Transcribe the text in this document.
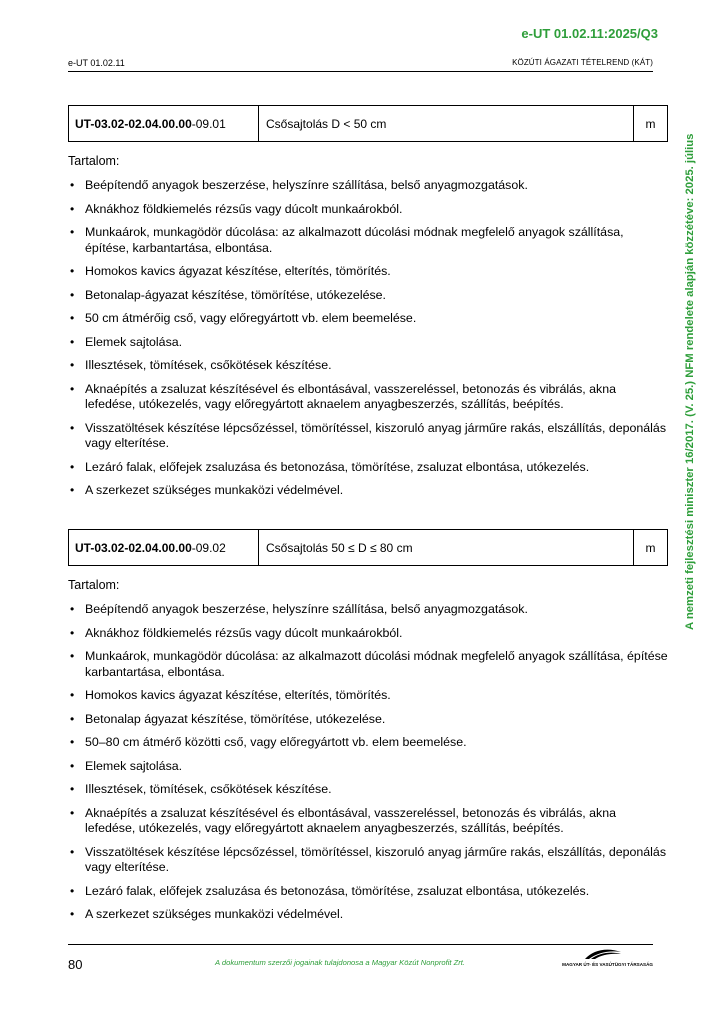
e-UT 01.02.11:2025/Q3
e-UT 01.02.11	KÖZÚTI ÁGAZATI TÉTELREND (KÁT)
A nemzeti fejlesztési miniszter 16/2017. (V. 25.) NFM rendelete alapján közzétéve: 2025. július
UT-03.02-02.04.00.00 -09.01	Csősajtolás D < 50 cm	m
Tartalom:
• Beépítendő anyagok beszerzése, helyszínre szállítása, belső anyagmozgatások.
• Aknákhoz földkiemelés rézsűs vagy dúcolt munkaárokból.
• Munkaárok, munkagödör dúcolása: az alkalmazott dúcolási módnak megfelelő anyagok szállítása, építése, karbantartása, elbontása.
• Homokos kavics ágyazat készítése, elterítés, tömörítés.
• Betonalap-ágyazat készítése, tömörítése, utókezelése.
• 50 cm átmérőig cső, vagy előregyártott vb. elem beemelése.
• Elemek sajtolása.
• Illesztések, tömítések, csőkötések készítése.
• Aknaépítés a zsaluzat készítésével és elbontásával, vasszereléssel, betonozás és vibrálás, akna lefedése, utókezelés, vagy előregyártott aknaelem anyagbeszerzés, szállítás, beépítés.
• Visszatöltések készítése lépcsőzéssel, tömörítéssel, kiszoruló anyag járműre rakás, elszállítás, deponálás vagy elterítése.
• Lezáró falak, előfejek zsaluzása és betonozása, tömörítése, zsaluzat elbontása, utókezelés.
• A szerkezet szükséges munkaközi védelmével.
UT-03.02-02.04.00.00 -09.02	Csősajtolás 50 ≤ D ≤ 80 cm	m
Tartalom:
• Beépítendő anyagok beszerzése, helyszínre szállítása, belső anyagmozgatások.
• Aknákhoz földkiemelés rézsűs vagy dúcolt munkaárokból.
• Munkaárok, munkagödör dúcolása: az alkalmazott dúcolási módnak megfelelő anyagok szállítása, építése karbantartása, elbontása.
• Homokos kavics ágyazat készítése, elterítés, tömörítés.
• Betonalap ágyazat készítése, tömörítése, utókezelése.
• 50–80 cm átmérő közötti cső, vagy előregyártott vb. elem beemelése.
• Elemek sajtolása.
• Illesztések, tömítések, csőkötések készítése.
• Aknaépítés a zsaluzat készítésével és elbontásával, vasszereléssel, betonozás és vibrálás, akna lefedése, utókezelés, vagy előregyártott aknaelem anyagbeszerzés, szállítás, beépítés.
• Visszatöltések készítése lépcsőzéssel, tömörítéssel, kiszoruló anyag járműre rakás, elszállítás, deponálás vagy elterítése.
• Lezáró falak, előfejek zsaluzása és betonozása, tömörítése, zsaluzat elbontása, utókezelés.
• A szerkezet szükséges munkaközi védelmével.
80	A dokumentum szerzői jogainak tulajdonosa a Magyar Közút Nonprofit Zrt.	MAGYAR ÚT- ÉS VASÚTÜGYI TÁRSASÁG
